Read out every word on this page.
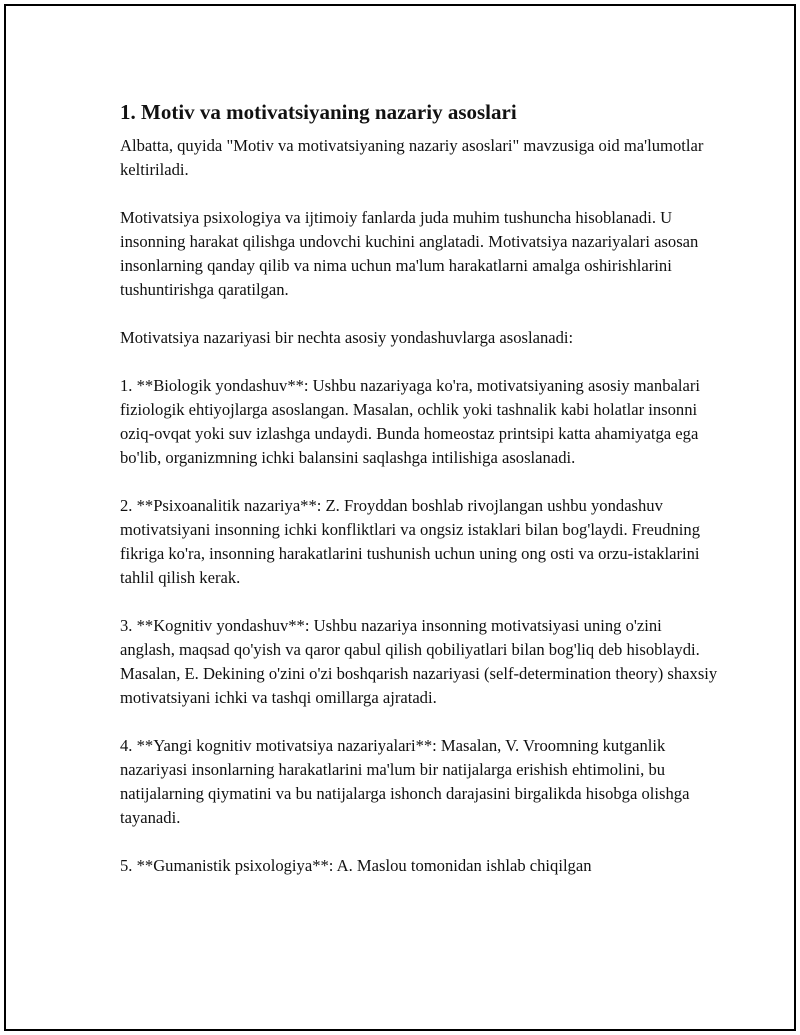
1. Motiv va motivatsiyaning nazariy asoslari

Albatta, quyida "Motiv va motivatsiyaning nazariy asoslari" mavzusiga oid ma'lumotlar keltiriladi.

Motivatsiya psixologiya va ijtimoiy fanlarda juda muhim tushuncha hisoblanadi. U insonning harakat qilishga undovchi kuchini anglatadi. Motivatsiya nazariyalari asosan insonlarning qanday qilib va nima uchun ma'lum harakatlarni amalga oshirishlarini tushuntirishga qaratilgan.

Motivatsiya nazariyasi bir nechta asosiy yondashuvlarga asoslanadi:

1. **Biologik yondashuv**: Ushbu nazariyaga ko'ra, motivatsiyaning asosiy manbalari fiziologik ehtiyojlarga asoslangan. Masalan, ochlik yoki tashnalik kabi holatlar insonni oziq-ovqat yoki suv izlashga undaydi. Bunda homeostaz printsipi katta ahamiyatga ega bo'lib, organizmning ichki balansini saqlashga intilishiga asoslanadi.

2. **Psixoanalitik nazariya**: Z. Froyddan boshlab rivojlangan ushbu yondashuv motivatsiyani insonning ichki konfliktlari va ongsiz istaklari bilan bog'laydi. Freudning fikriga ko'ra, insonning harakatlarini tushunish uchun uning ong osti va orzu-istaklarini tahlil qilish kerak.

3. **Kognitiv yondashuv**: Ushbu nazariya insonning motivatsiyasi uning o'zini anglash, maqsad qo'yish va qaror qabul qilish qobiliyatlari bilan bog'liq deb hisoblaydi. Masalan, E. Dekining o'zini o'zi boshqarish nazariyasi (self-determination theory) shaxsiy motivatsiyani ichki va tashqi omillarga ajratadi.

4. **Yangi kognitiv motivatsiya nazariyalari**: Masalan, V. Vroomning kutganlik nazariyasi insonlarning harakatlarini ma'lum bir natijalarga erishish ehtimolini, bu natijalarning qiymatini va bu natijalarga ishonch darajasini birgalikda hisobga olishga tayanadi.

5. **Gumanistik psixologiya**: A. Maslou tomonidan ishlab chiqilgan
